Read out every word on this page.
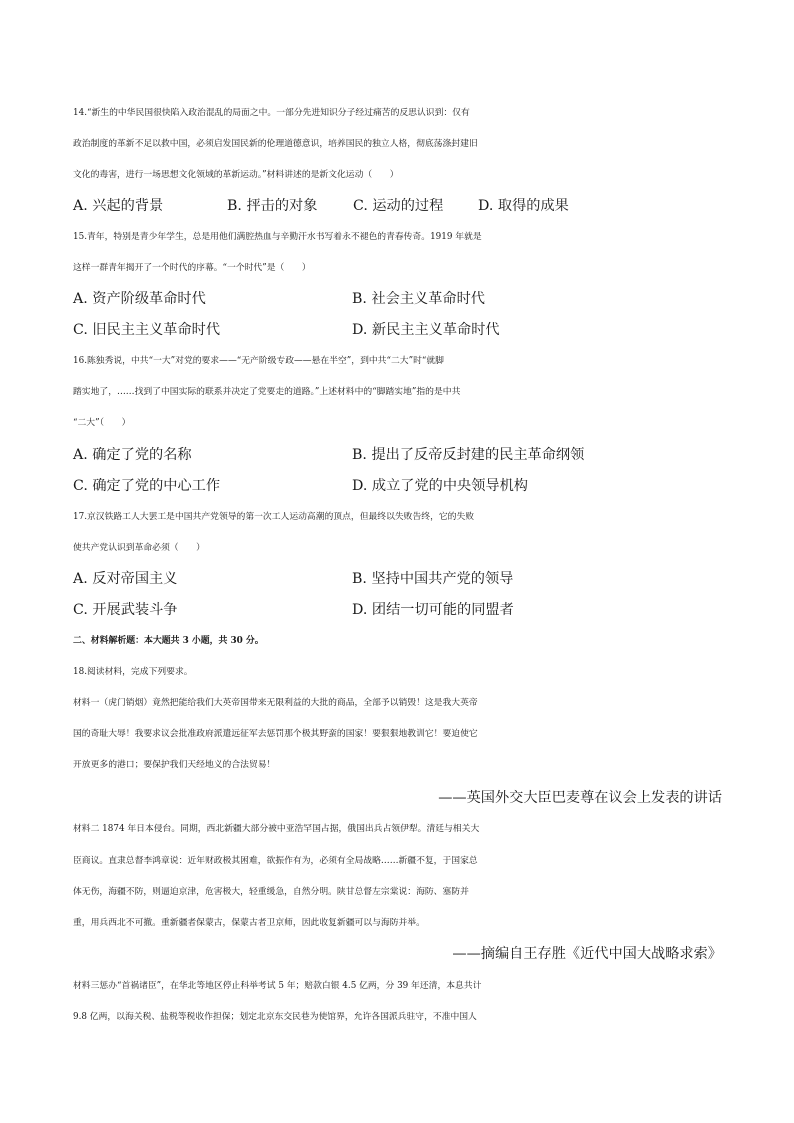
14.“新生的中华民国很快陷入政治混乱的局面之中。一部分先进知识分子经过痛苦的反思认识到：仅有
政治制度的革新不足以救中国，必须启发国民新的伦理道德意识，培养国民的独立人格，彻底荡涤封建旧
文化的毒害，进行一场思想文化领域的革新运动。”材料讲述的是新文化运动（　　）
A. 兴起的背景	B. 抨击的对象	C. 运动的过程 D. 取得的成果
15.青年，特别是青少年学生，总是用他们满腔热血与辛勤汗水书写着永不褪色的青春传奇。1919 年就是
这样一群青年揭开了一个时代的序幕。“一个时代”是（　　）
A. 资产阶级革命时代	B. 社会主义革命时代
C. 旧民主主义革命时代	D. 新民主主义革命时代
16.陈独秀说，中共“一大”对党的要求——“无产阶级专政——悬在半空”，到中共“二大”时“就脚
踏实地了，……找到了中国实际的联系并决定了党要走的道路。”上述材料中的“脚踏实地”指的是中共
“二大”（　　）
A. 确定了党的名称	B. 提出了反帝反封建的民主革命纲领
C. 确定了党的中心工作	D. 成立了党的中央领导机构
17.京汉铁路工人大罢工是中国共产党领导的第一次工人运动高潮的顶点，但最终以失败告终，它的失败
使共产党认识到革命必须（　　）
A. 反对帝国主义	B. 坚持中国共产党的领导
C. 开展武装斗争	D. 团结一切可能的同盟者
二、材料解析题：本大题共 3 小题，共 30 分。
18.阅读材料，完成下列要求。
材料一（虎门销烟）竟然把能给我们大英帝国带来无限利益的大批的商品，全部予以销毁！这是我大英帝
国的奇耻大辱！我要求议会批准政府派遣远征军去惩罚那个极其野蛮的国家！要狠狠地教训它！要迫使它
开放更多的港口；要保护我们天经地义的合法贸易！
——英国外交大臣巴麦尊在议会上发表的讲话
材料二 1874 年日本侵台。同期，西北新疆大部分被中亚浩罕国占据，俄国出兵占领伊犁。清廷与相关大
臣商议。直隶总督李鸿章说：近年财政极其困难，欲振作有为，必须有全局战略……新疆不复，于国家总
体无伤，海疆不防，则逼迫京津，危害极大，轻重缓急，自然分明。陕甘总督左宗棠说：海防、塞防并
重，用兵西北不可撤。重新疆者保蒙古，保蒙古者卫京师，因此收复新疆可以与海防并举。
——摘编自王存胜《近代中国大战略求索》
材料三惩办“首祸诸臣”，在华北等地区停止科举考试 5 年；赔款白银 4.5 亿两，分 39 年还清，本息共计
9.8 亿两，以海关税、盐税等税收作担保；划定北京东交民巷为使馆界，允许各国派兵驻守，不准中国人
